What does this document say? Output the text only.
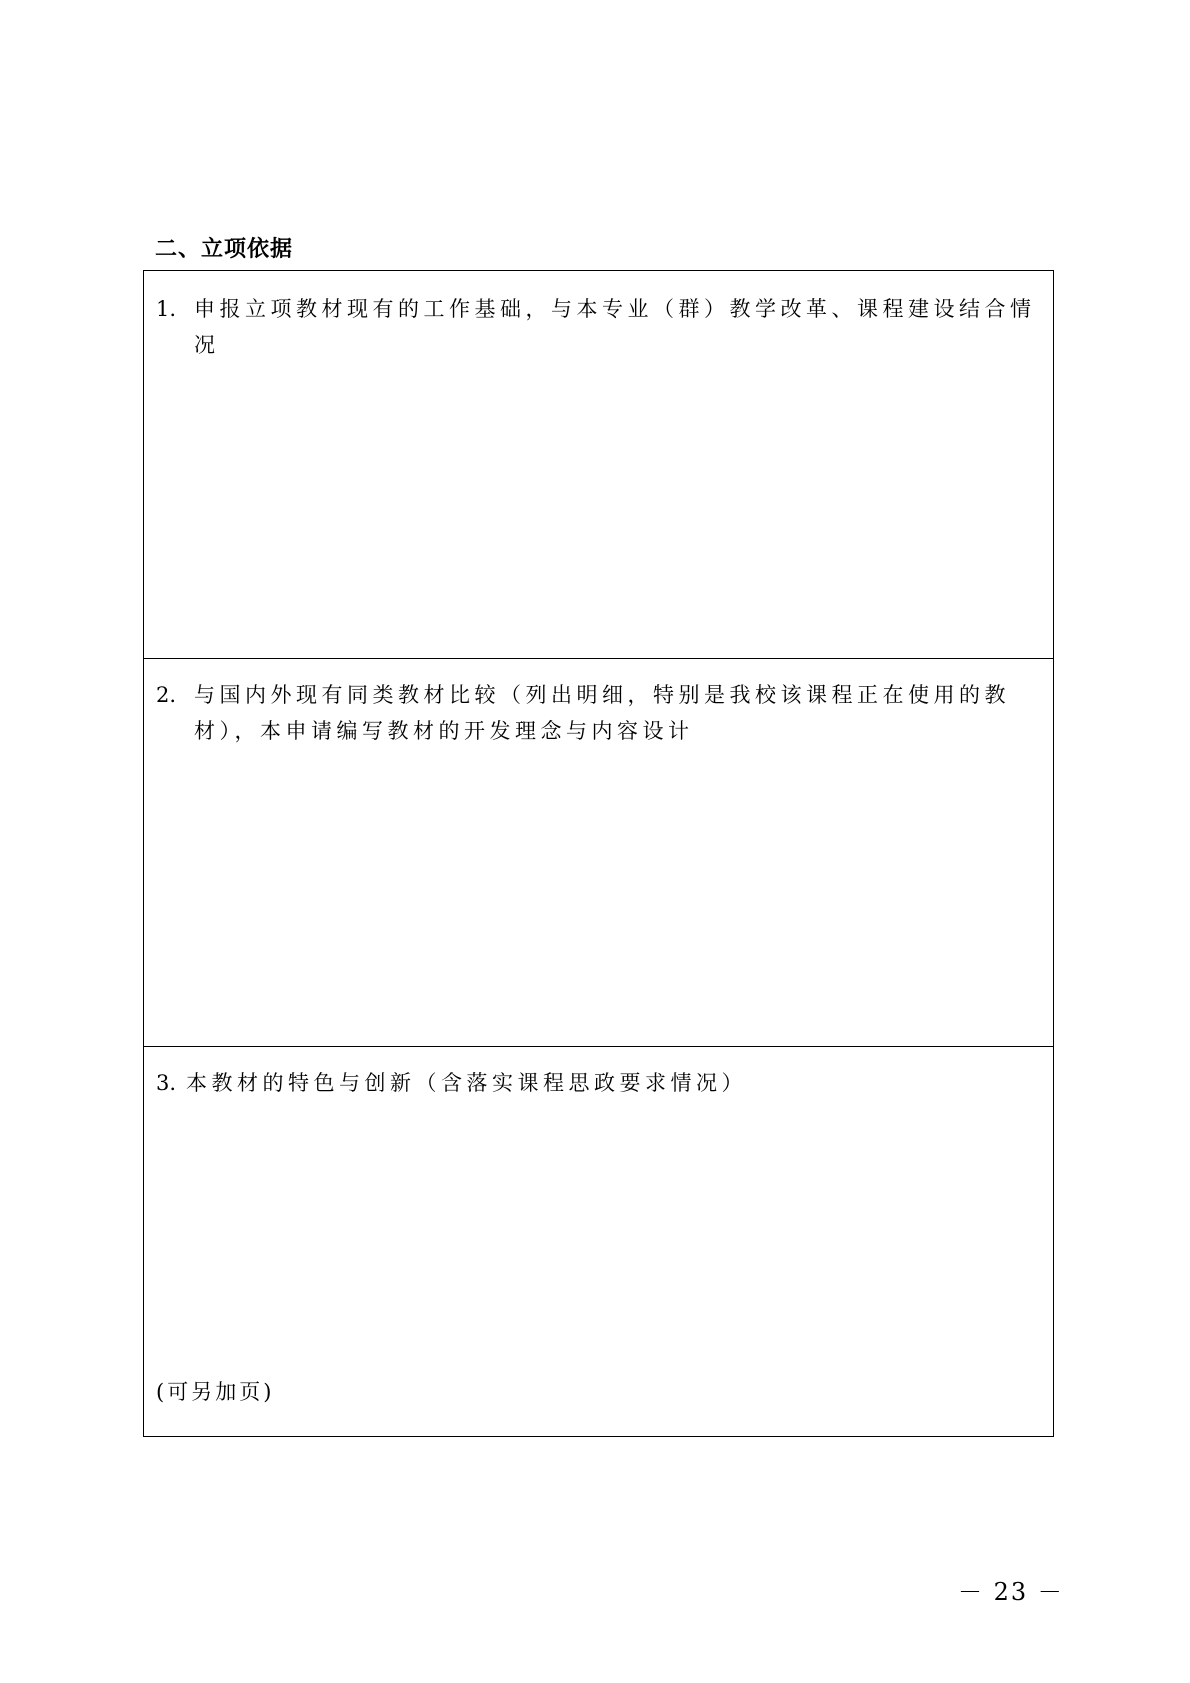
二、立项依据
1. 申报立项教材现有的工作基础，与本专业（群）教学改革、课程建设结合情况
2. 与国内外现有同类教材比较（列出明细，特别是我校该课程正在使用的教材），本申请编写教材的开发理念与内容设计
3. 本教材的特色与创新（含落实课程思政要求情况）
(可另加页)
－ 23 －
